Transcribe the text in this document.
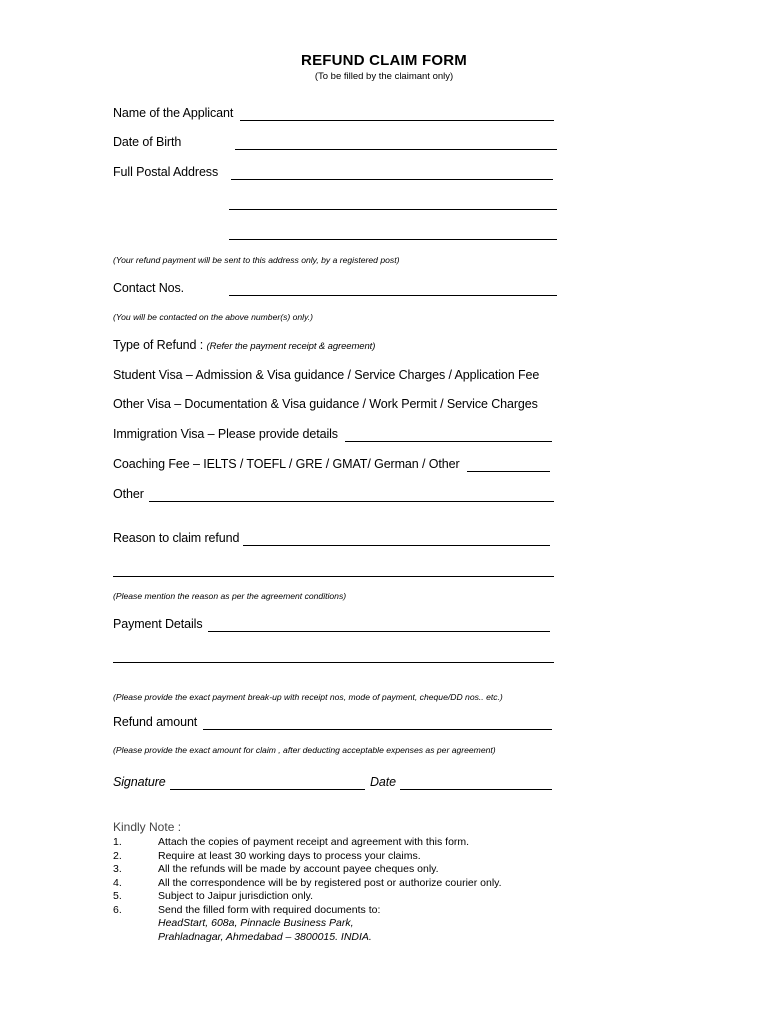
REFUND CLAIM FORM
(To be filled by the claimant only)
Name of the Applicant
Date of Birth
Full Postal Address
(Your refund payment will be sent to this address only, by a registered post)
Contact Nos.
(You will be contacted on the above number(s) only.)
Type of Refund : (Refer the payment receipt & agreement)
Student Visa – Admission & Visa guidance / Service Charges / Application Fee
Other Visa – Documentation & Visa guidance / Work Permit / Service Charges
Immigration Visa – Please provide details
Coaching Fee – IELTS / TOEFL / GRE / GMAT/ German / Other
Other
Reason to claim refund
(Please mention the reason as per the agreement conditions)
Payment Details
(Please provide the exact payment break-up with receipt nos, mode of payment, cheque/DD nos.. etc.)
Refund amount
(Please provide the exact amount for claim , after deducting acceptable expenses as per agreement)
Signature	Date
Kindly Note :
1.	Attach the copies of payment receipt and agreement with this form.
2.	Require at least 30 working days to process your claims.
3.	All the refunds will be made by account payee cheques only.
4.	All the correspondence will be by registered post or authorize courier only.
5.	Subject to Jaipur jurisdiction only.
6.	Send the filled form with required documents to:
HeadStart, 608a, Pinnacle Business Park,
Prahladnagar, Ahmedabad – 3800015. INDIA.
